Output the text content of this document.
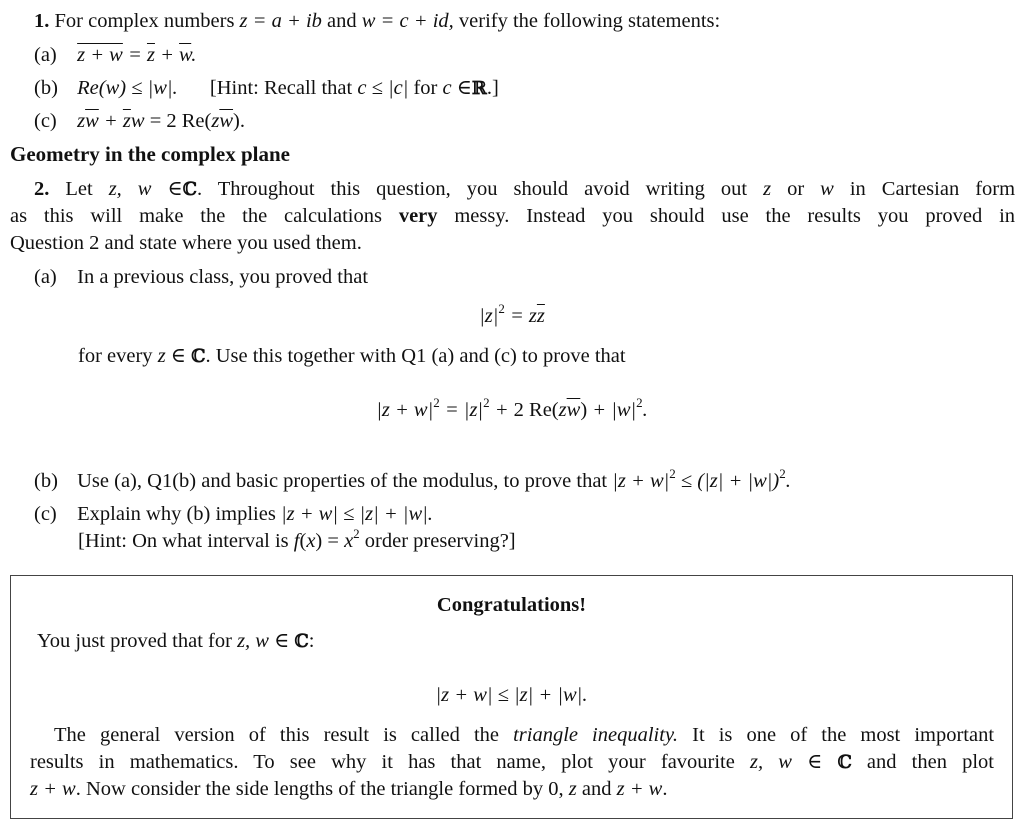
1. For complex numbers z = a + ib and w = c + id, verify the following statements:
(a) $z + w = \overline{z} + \overline{w}$.
(b) Re(w) ≤ |w|. [Hint: Recall that c ≤ |c| for c ∈ℝ.]
(c) $z\overline{w} + \overline{z}w = 2$ $Re(z\overline{w})$.
Geometry in the complex plane
2. Let z, w ∈ℂ. Throughout this question, you should avoid writing out z or w in Cartesian form
as this will make the the calculations very messy. Instead you should use the results you proved in
Question 2 and state where you used them.
(a) In a previous class, you proved that
$|z|^2 = z\overline{z}$
for every z ∈ ℂ. Use this together with Q1 (a) and (c) to prove that
$|z + w|^2 = |z|^2 + 2$ $Re(z\overline{w}) + |w|^2$.
(b) Use (a), Q1(b) and basic properties of the modulus, to prove that $|z + w|^2 \le (|z| + |w|)^2$.
(c) Explain why (b) implies |z + w| ≤ |z| + |w|.
[Hint: On what interval is $f(x) = x^2$ order preserving?]
Congratulations!
You just proved that for z, w ∈ ℂ:
|z + w| ≤ |z| + |w|.
The general version of this result is called the triangle inequality. It is one of the most important
results in mathematics. To see why it has that name, plot your favourite z, w ∈ ℂ and then plot
z + w. Now consider the side lengths of the triangle formed by 0, z and z + w.
